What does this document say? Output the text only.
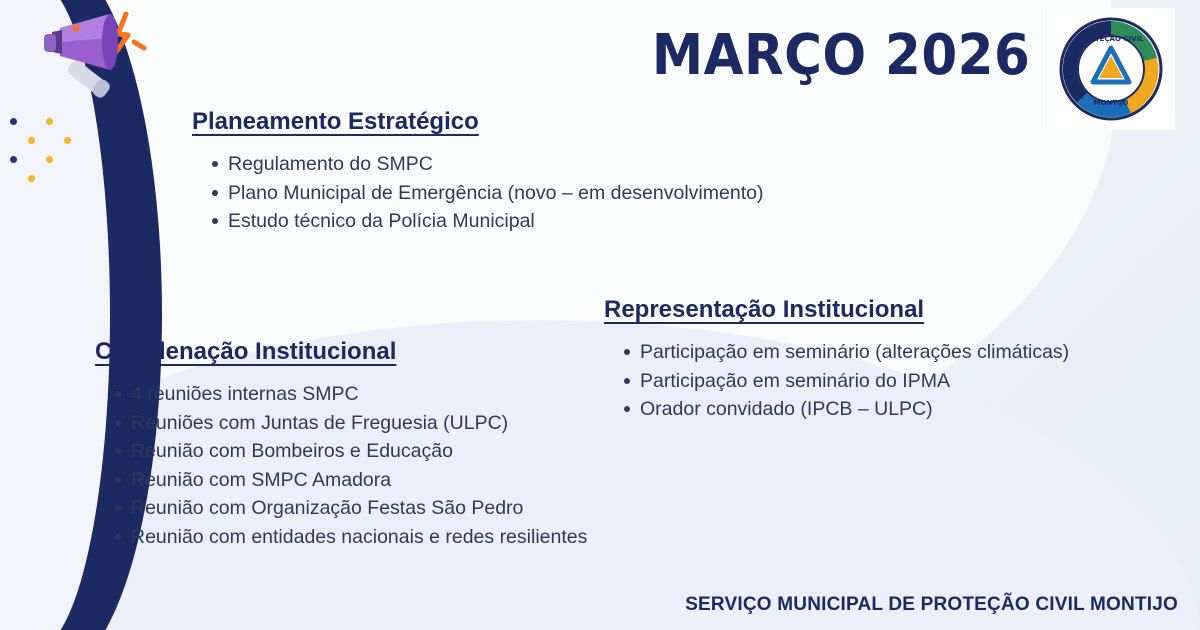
MARÇO 2026	PROTEÇÃO CIVIL
MONTIJO
Planeamento Estratégico
Regulamento do SMPC
Plano Municipal de Emergência (novo – em desenvolvimento)
Estudo técnico da Polícia Municipal
Coordenação Institucional
4 reuniões internas SMPC
Reuniões com Juntas de Freguesia (ULPC)
Reunião com Bombeiros e Educação
Reunião com SMPC Amadora
Reunião com Organização Festas São Pedro
Reunião com entidades nacionais e redes resilientes
Representação Institucional
Participação em seminário (alterações climáticas)
Participação em seminário do IPMA
Orador convidado (IPCB – ULPC)
SERVIÇO MUNICIPAL DE PROTEÇÃO CIVIL MONTIJO
